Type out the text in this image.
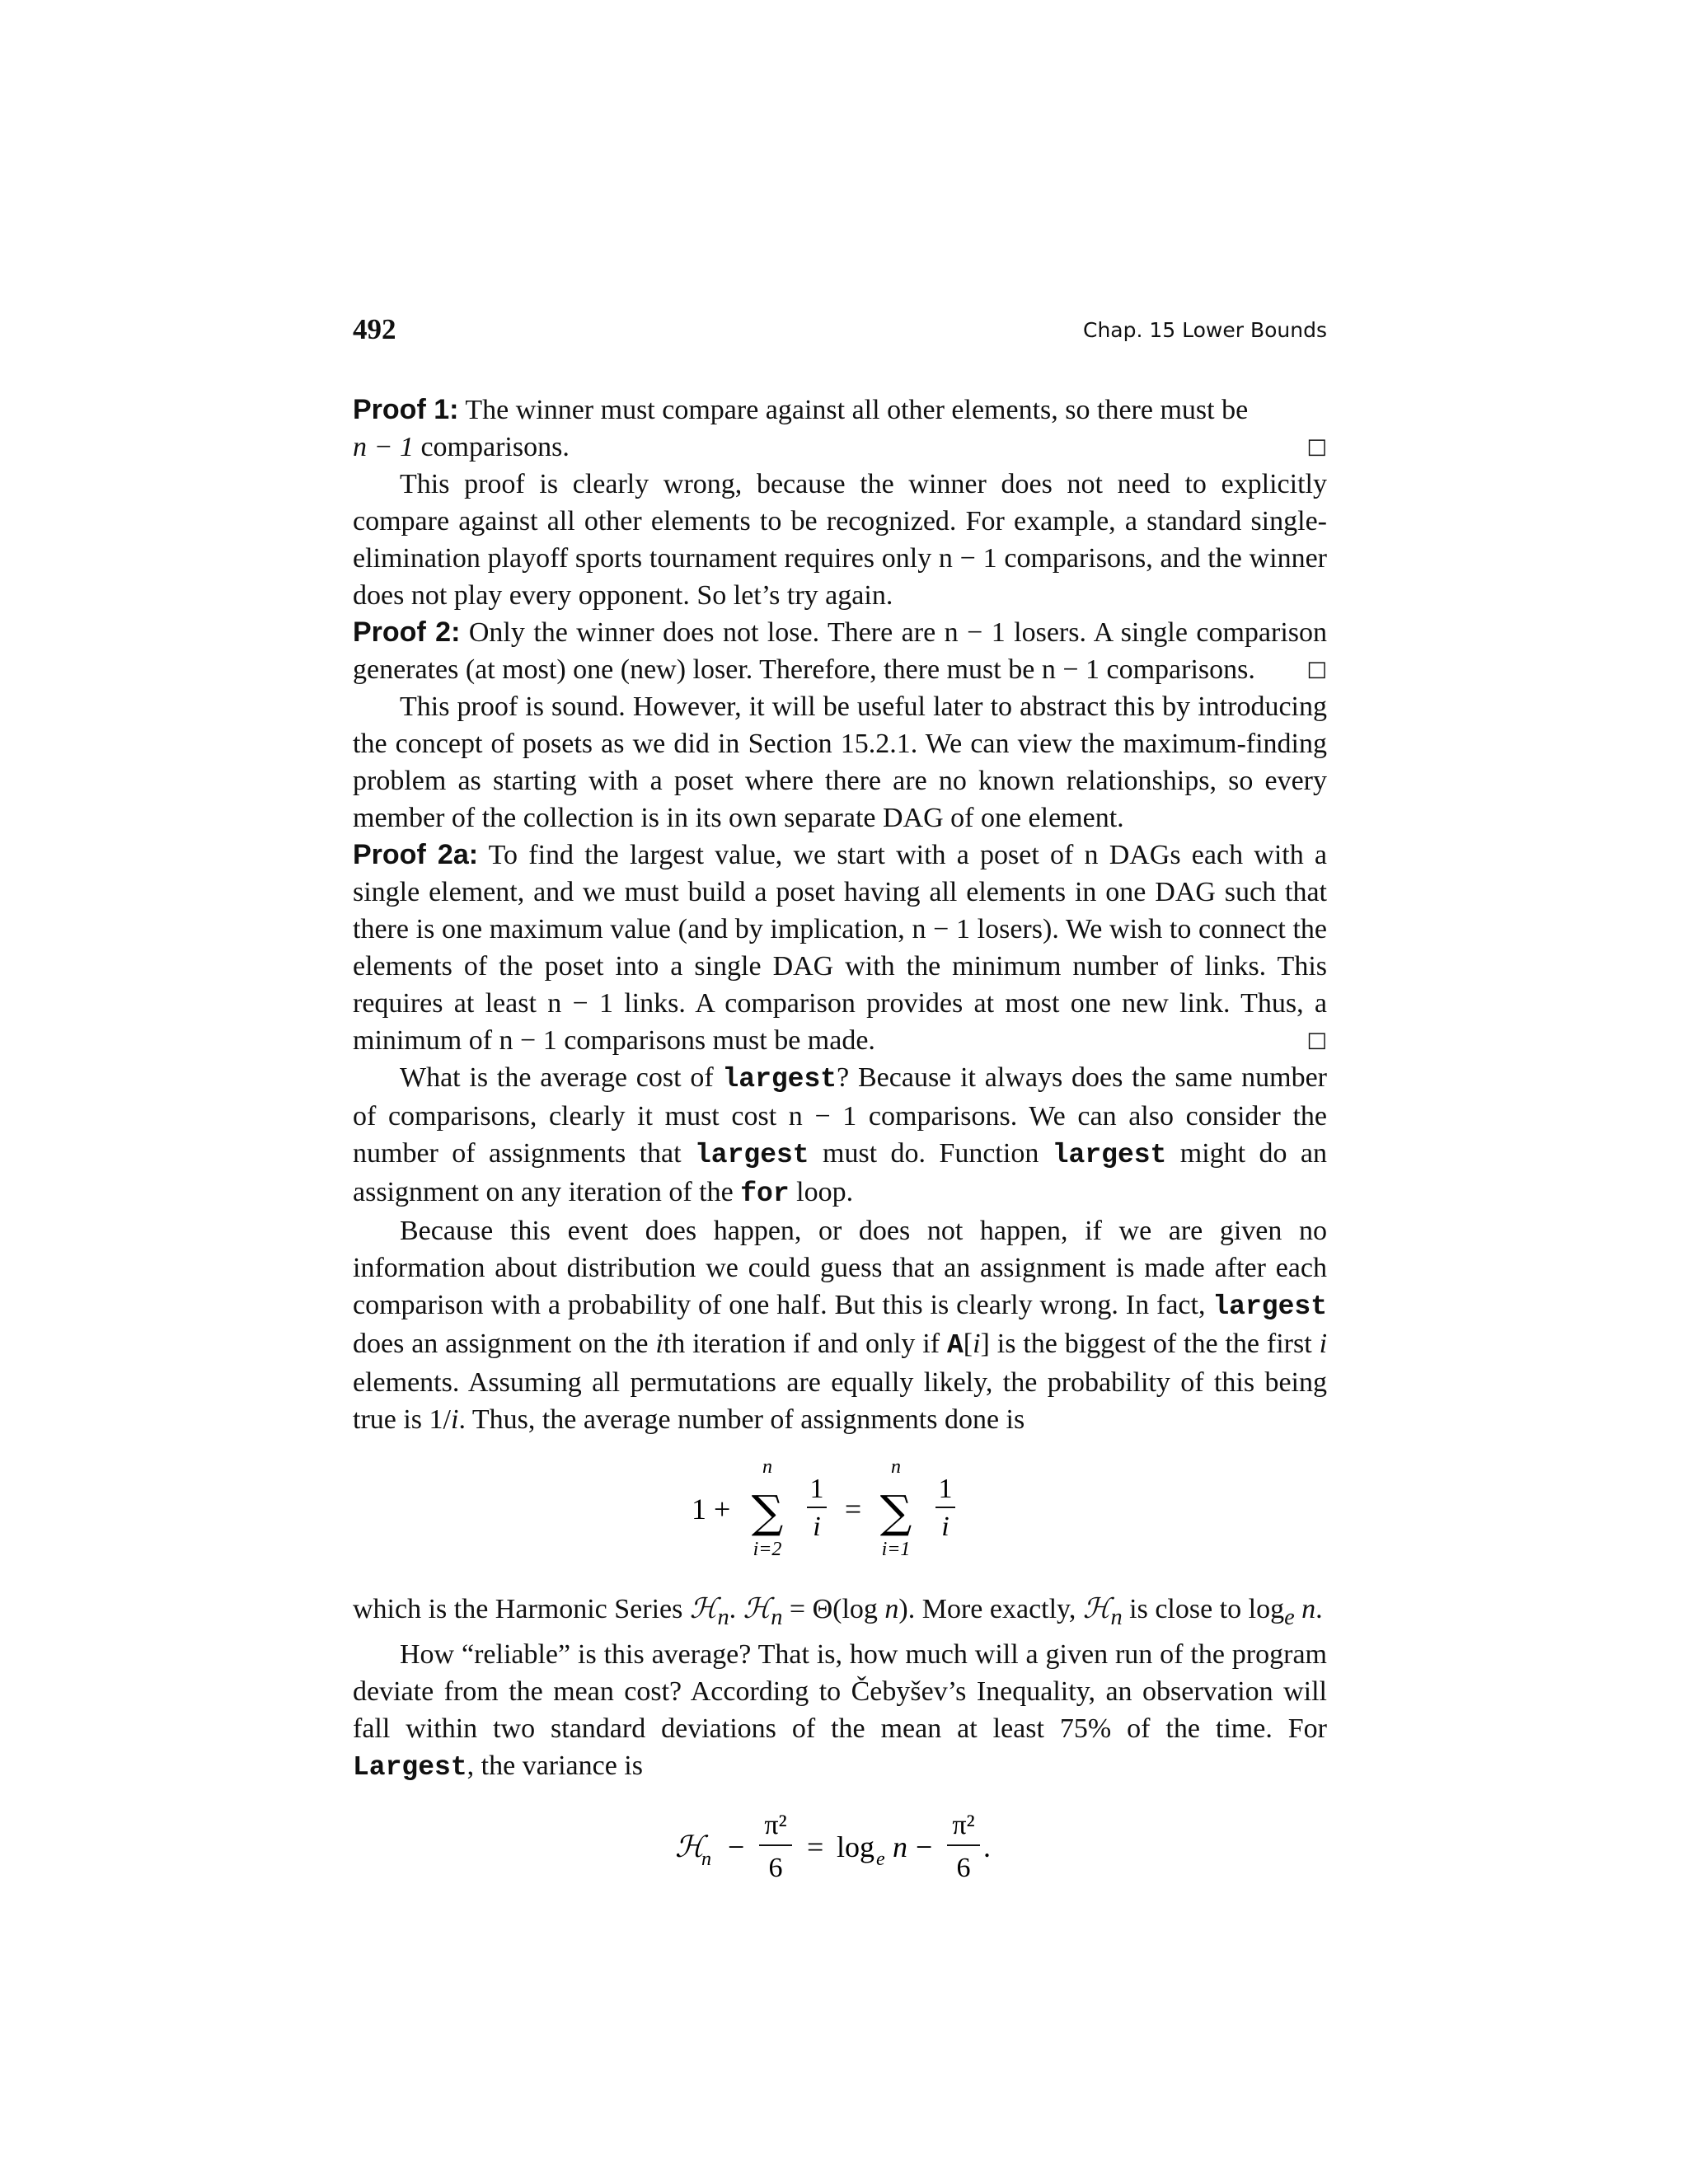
492	Chap. 15 Lower Bounds

Proof 1: The winner must compare against all other elements, so there must be

n − 1 comparisons.	□

This proof is clearly wrong, because the winner does not need to explicitly compare against all other elements to be recognized. For example, a standard single-elimination playoff sports tournament requires only n − 1 comparisons, and the winner does not play every opponent. So let’s try again.

Proof 2: Only the winner does not lose. There are n − 1 losers. A single comparison generates (at most) one (new) loser. Therefore, there must be n − 1 comparisons. □

This proof is sound. However, it will be useful later to abstract this by introducing the concept of posets as we did in Section 15.2.1. We can view the maximum-finding problem as starting with a poset where there are no known relationships, so every member of the collection is in its own separate DAG of one element.

Proof 2a: To find the largest value, we start with a poset of n DAGs each with a single element, and we must build a poset having all elements in one DAG such that there is one maximum value (and by implication, n − 1 losers). We wish to connect the elements of the poset into a single DAG with the minimum number of links. This requires at least n − 1 links. A comparison provides at most one new link. Thus, a minimum of n − 1 comparisons must be made.	□

What is the average cost of largest? Because it always does the same number of comparisons, clearly it must cost n − 1 comparisons. We can also consider the number of assignments that largest must do. Function largest might do an assignment on any iteration of the for loop.

Because this event does happen, or does not happen, if we are given no information about distribution we could guess that an assignment is made after each comparison with a probability of one half. But this is clearly wrong. In fact, largest does an assignment on the ith iteration if and only if A[i] is the biggest of the the first i elements. Assuming all permutations are equally likely, the probability of this being true is 1/i. Thus, the average number of assignments done is

1 +
n
∑
i=2
1
i
=
n
∑
i=1
1
i

which is the Harmonic Series ℋ$_n$. ℋ$_n$ = Θ(log n). More exactly, ℋ$_n$ is close to $\log_e n$.

How “reliable” is this average? That is, how much will a given run of the program deviate from the mean cost? According to Čebyšev’s Inequality, an observation will fall within two standard deviations of the mean at least 75% of the time. For Largest, the variance is

ℋ
n −
π²
6
= log e n −
π²
6
.
